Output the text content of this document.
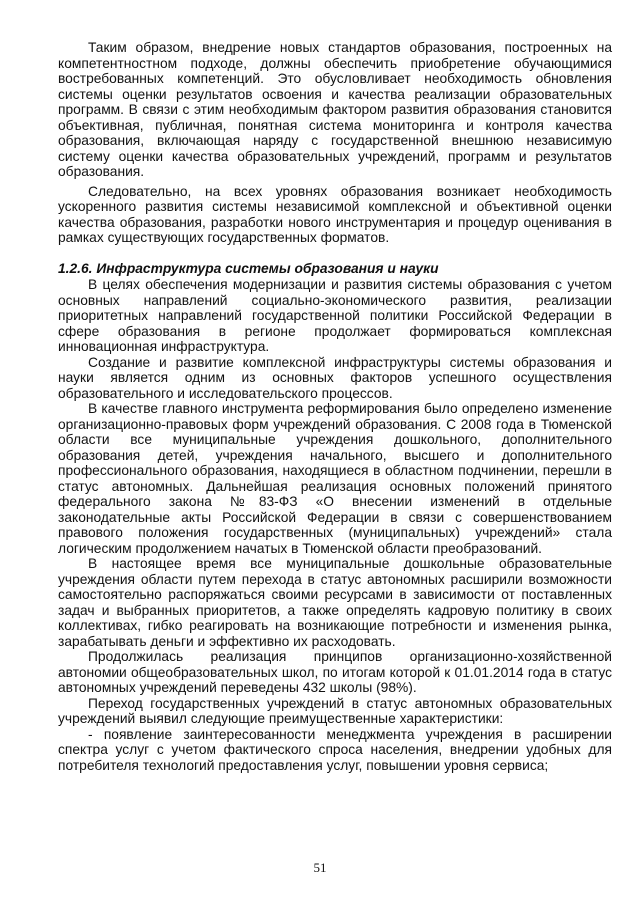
Таким образом, внедрение новых стандартов образования, построенных на компетентностном подходе, должны обеспечить приобретение обучающимися востребованных компетенций. Это обусловливает необходимость обновления системы оценки результатов освоения и качества реализации образовательных программ. В связи с этим необходимым фактором развития образования становится объективная, публичная, понятная система мониторинга и контроля качества образования, включающая наряду с государственной внешнюю независимую систему оценки качества образовательных учреждений, программ и результатов образования.

Следовательно, на всех уровнях образования возникает необходимость ускоренного развития системы независимой комплексной и объективной оценки качества образования, разработки нового инструментария и процедур оценивания в рамках существующих государственных форматов.

1.2.6. Инфраструктура системы образования и науки

В целях обеспечения модернизации и развития системы образования с учетом основных направлений социально-экономического развития, реализации приоритетных направлений государственной политики Российской Федерации в сфере образования в регионе продолжает формироваться комплексная инновационная инфраструктура.

Создание и развитие комплексной инфраструктуры системы образования и науки является одним из основных факторов успешного осуществления образовательного и исследовательского процессов.

В качестве главного инструмента реформирования было определено изменение организационно-правовых форм учреждений образования. С 2008 года в Тюменской области все муниципальные учреждения дошкольного, дополнительного образования детей, учреждения начального, высшего и дополнительного профессионального образования, находящиеся в областном подчинении, перешли в статус автономных. Дальнейшая реализация основных положений принятого федерального закона №83-ФЗ «О внесении изменений в отдельные законодательные акты Российской Федерации в связи с совершенствованием правового положения государственных (муниципальных) учреждений» стала логическим продолжением начатых в Тюменской области преобразований.

В настоящее время все муниципальные дошкольные образовательные учреждения области путем перехода в статус автономных расширили возможности самостоятельно распоряжаться своими ресурсами в зависимости от поставленных задач и выбранных приоритетов, а также определять кадровую политику в своих коллективах, гибко реагировать на возникающие потребности и изменения рынка, зарабатывать деньги и эффективно их расходовать.

Продолжилась реализация принципов организационно-хозяйственной автономии общеобразовательных школ, по итогам которой к 01.01.2014 года в статус автономных учреждений переведены 432 школы (98%).

Переход государственных учреждений в статус автономных образовательных учреждений выявил следующие преимущественные характеристики:

- появление заинтересованности менеджмента учреждения в расширении спектра услуг с учетом фактического спроса населения, внедрении удобных для потребителя технологий предоставления услуг, повышении уровня сервиса;

51
